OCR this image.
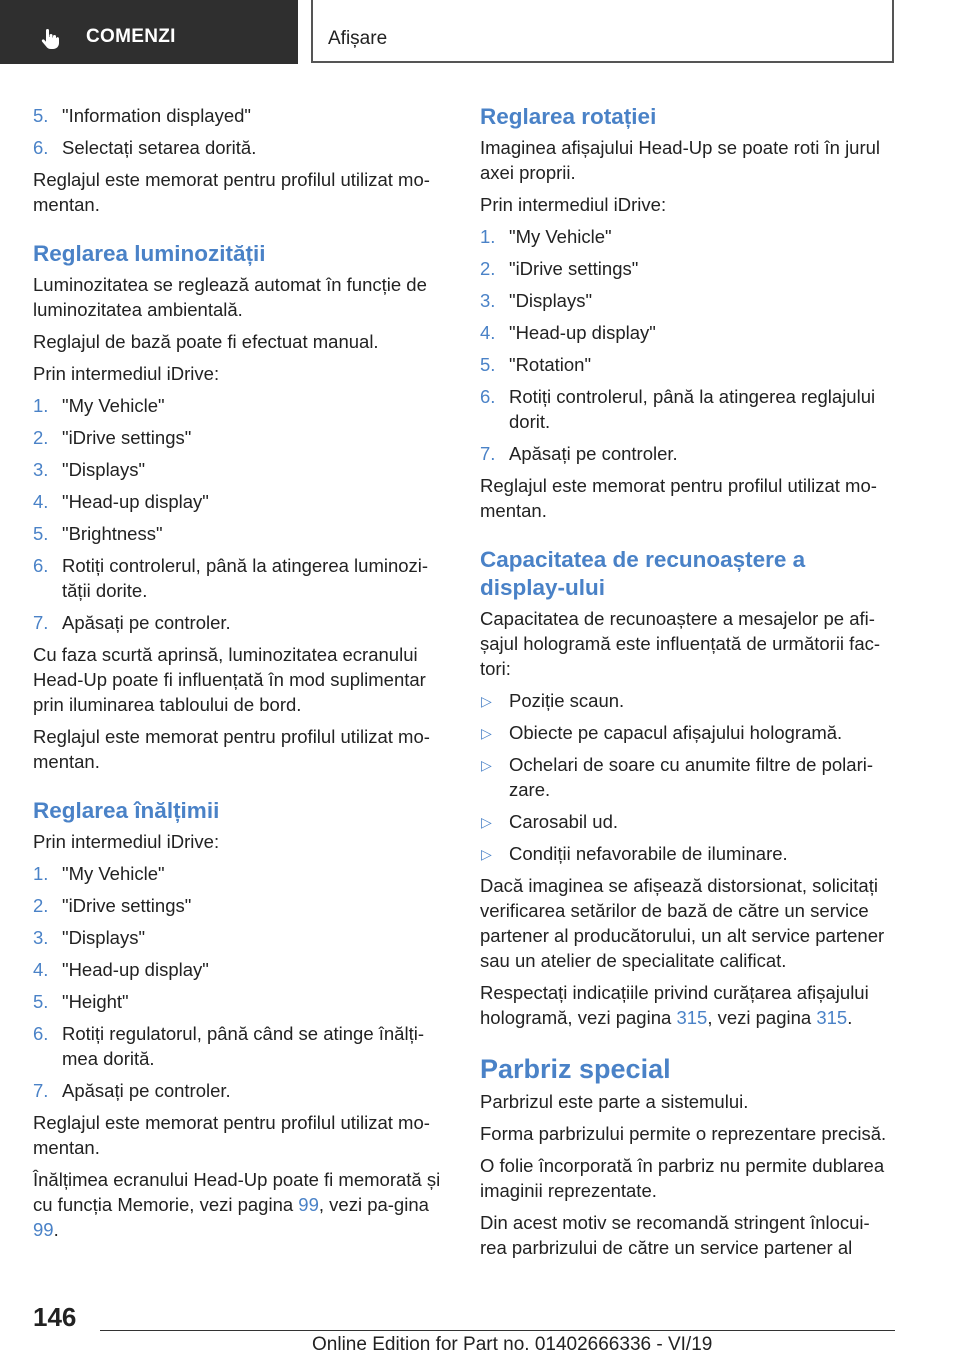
COMENZI	Afișare
5. "Information displayed"
6. Selectați setarea dorită.

Reglajul este memorat pentru profilul utilizat mo-mentan.

Reglarea luminozității

Luminozitatea se reglează automat în funcție de luminozitatea ambientală.

Reglajul de bază poate fi efectuat manual.

Prin intermediul iDrive:

1. "My Vehicle"
2. "iDrive settings"
3. "Displays"
4. "Head-up display"
5. "Brightness"
6. Rotiți controlerul, până la atingerea luminozi-tății dorite.
7. Apăsați pe controler.

Cu faza scurtă aprinsă, luminozitatea ecranului Head-Up poate fi influențată în mod suplimentar prin iluminarea tabloului de bord.

Reglajul este memorat pentru profilul utilizat mo-mentan.

Reglarea înălțimii

Prin intermediul iDrive:

1. "My Vehicle"
2. "iDrive settings"
3. "Displays"
4. "Head-up display"
5. "Height"
6. Rotiți regulatorul, până când se atinge înălți-mea dorită.
7. Apăsați pe controler.

Reglajul este memorat pentru profilul utilizat mo-mentan.

Înălțimea ecranului Head-Up poate fi memorată și cu funcția Memorie, vezi pagina 99, vezi pa-gina 99.

Reglarea rotației

Imaginea afișajului Head-Up se poate roti în jurul axei proprii.

Prin intermediul iDrive:

1. "My Vehicle"
2. "iDrive settings"
3. "Displays"
4. "Head-up display"
5. "Rotation"
6. Rotiți controlerul, până la atingerea reglajului dorit.
7. Apăsați pe controler.

Reglajul este memorat pentru profilul utilizat mo-mentan.

Capacitatea de recunoaștere a display-ului

Capacitatea de recunoaștere a mesajelor pe afi-șajul hologramă este influențată de următorii fac-tori:

▷ Poziție scaun.
▷ Obiecte pe capacul afișajului hologramă.
▷ Ochelari de soare cu anumite filtre de polari-zare.
▷ Carosabil ud.
▷ Condiții nefavorabile de iluminare.

Dacă imaginea se afișează distorsionat, solicitați verificarea setărilor de bază de către un service partener al producătorului, un alt service partener sau un atelier de specialitate calificat.

Respectați indicațiile privind curățarea afișajului hologramă, vezi pagina 315, vezi pagina 315.

Parbriz special

Parbrizul este parte a sistemului.

Forma parbrizului permite o reprezentare precisă.

O folie încorporată în parbriz nu permite dublarea imaginii reprezentate.

Din acest motiv se recomandă stringent înlocui-rea parbrizului de către un service partener al

146
Online Edition for Part no. 01402666336 - VI/19
